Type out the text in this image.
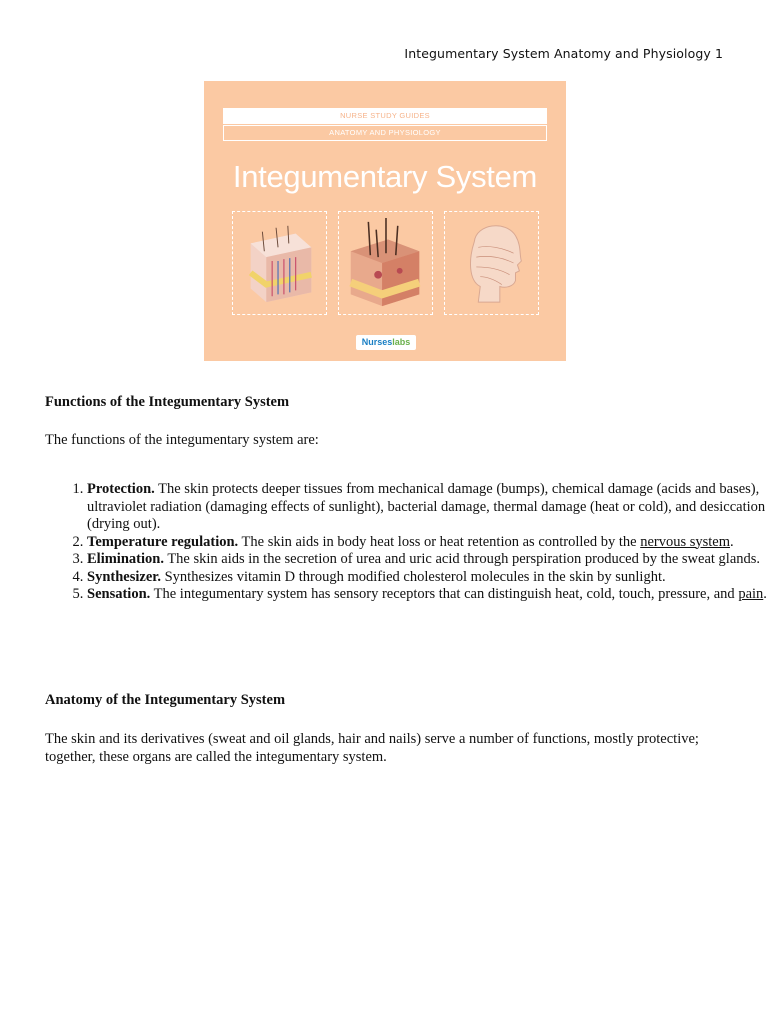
Integumentary System Anatomy and Physiology 1
NURSE STUDY GUIDES
ANATOMY AND PHYSIOLOGY
Integumentary System
Nurseslabs
Functions of the Integumentary System
The functions of the integumentary system are:
1. Protection. The skin protects deeper tissues from mechanical damage (bumps), chemical damage (acids and bases), ultraviolet radiation (damaging effects of sunlight), bacterial damage, thermal damage (heat or cold), and desiccation (drying out).
2. Temperature regulation. The skin aids in body heat loss or heat retention as controlled by the nervous system.
3. Elimination. The skin aids in the secretion of urea and uric acid through perspiration produced by the sweat glands.
4. Synthesizer. Synthesizes vitamin D through modified cholesterol molecules in the skin by sunlight.
5. Sensation. The integumentary system has sensory receptors that can distinguish heat, cold, touch, pressure, and pain.
Anatomy of the Integumentary System
The skin and its derivatives (sweat and oil glands, hair and nails) serve a number of functions, mostly protective; together, these organs are called the integumentary system.
